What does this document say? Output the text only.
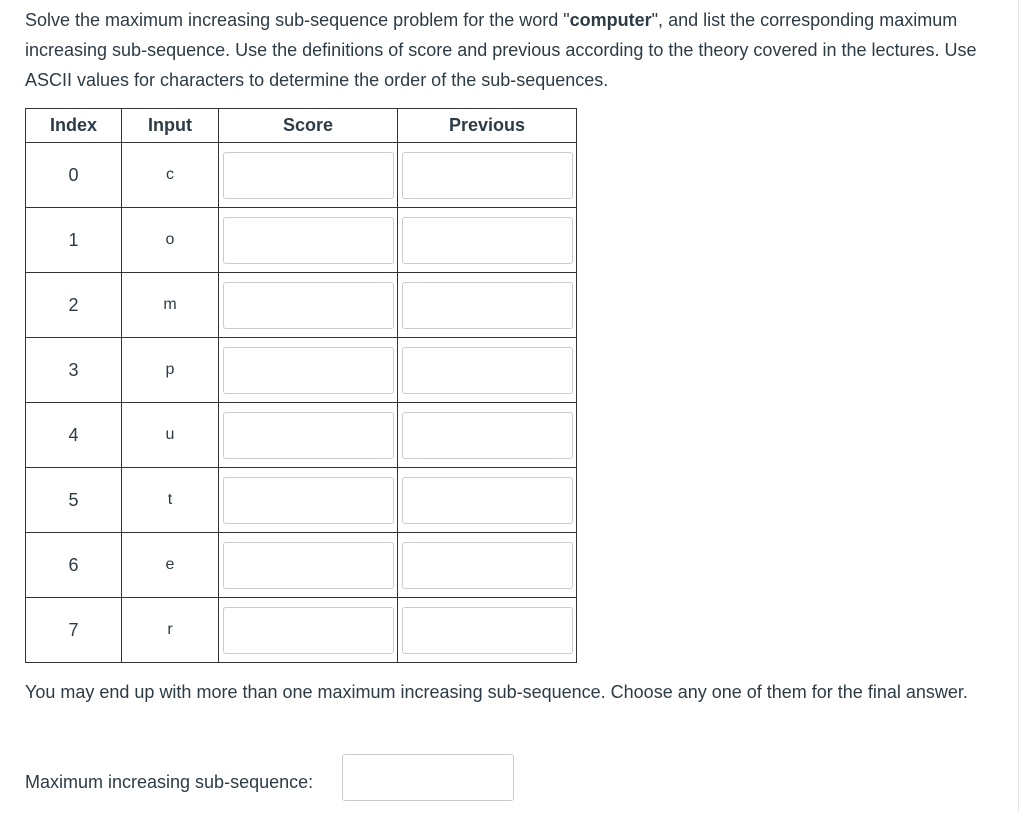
Solve the maximum increasing sub-sequence problem for the word "computer", and list the corresponding maximum increasing sub-sequence. Use the definitions of score and previous according to the theory covered in the lectures. Use ASCII values for characters to determine the order of the sub-sequences.
Index	Input	Score	Previous
0	c	

1	o	

2	m	

3	p	

4	u	

5	t	

6	e	

7	r	

You may end up with more than one maximum increasing sub-sequence. Choose any one of them for the final answer.
Maximum increasing sub-sequence:
